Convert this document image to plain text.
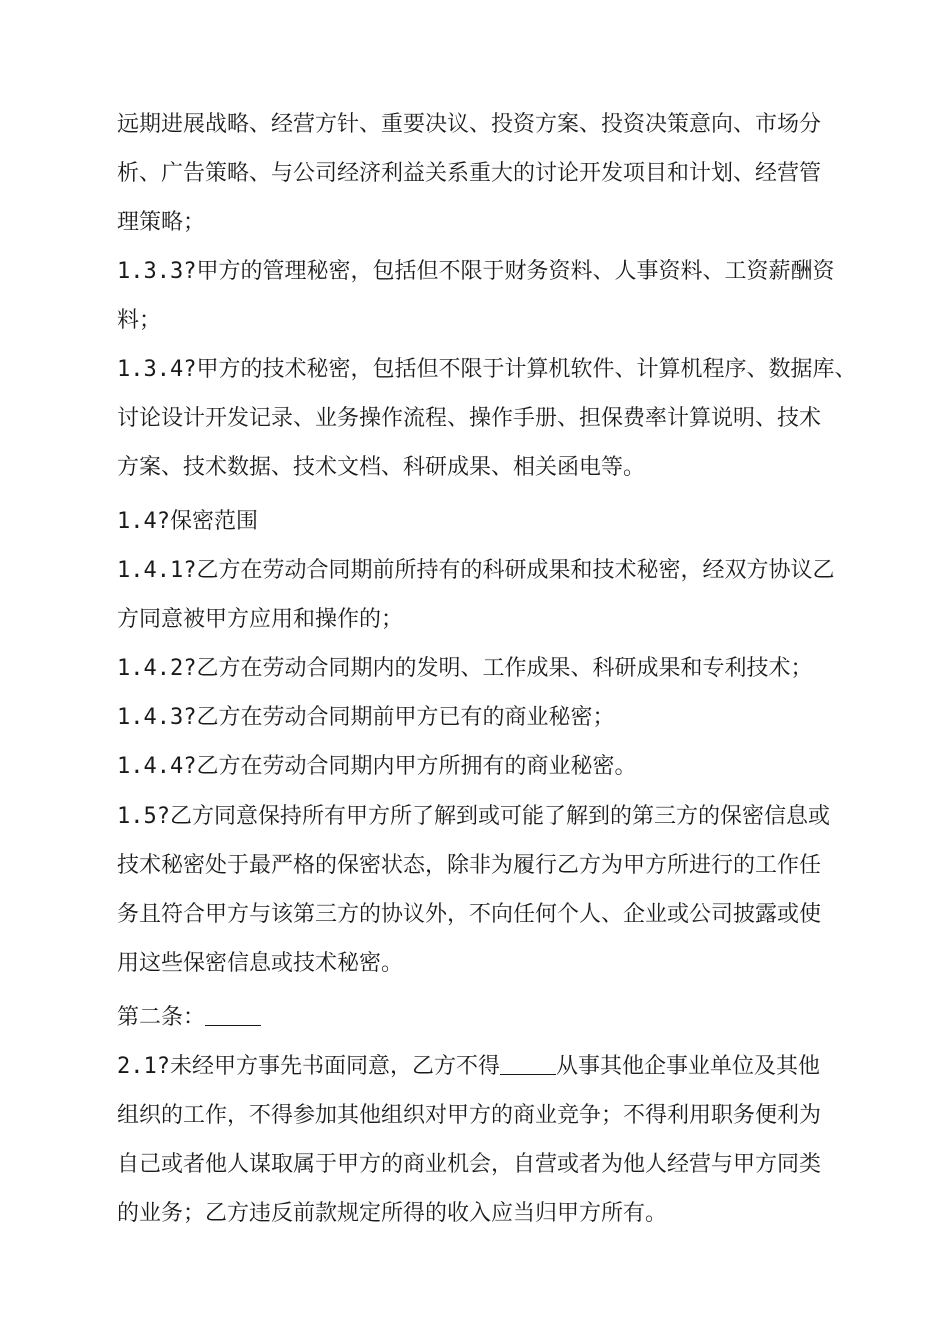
远期进展战略、经营方针、重要决议、投资方案、投资决策意向、市场分
析、广告策略、与公司经济利益关系重大的讨论开发项目和计划、经营管
理策略；
1.3.3?甲方的管理秘密，包括但不限于财务资料、人事资料、工资薪酬资
料；
1.3.4?甲方的技术秘密，包括但不限于计算机软件、计算机程序、数据库、
讨论设计开发记录、业务操作流程、操作手册、担保费率计算说明、技术
方案、技术数据、技术文档、科研成果、相关函电等。
1.4?保密范围
1.4.1?乙方在劳动合同期前所持有的科研成果和技术秘密，经双方协议乙
方同意被甲方应用和操作的；
1.4.2?乙方在劳动合同期内的发明、工作成果、科研成果和专利技术；
1.4.3?乙方在劳动合同期前甲方已有的商业秘密；
1.4.4?乙方在劳动合同期内甲方所拥有的商业秘密。
1.5?乙方同意保持所有甲方所了解到或可能了解到的第三方的保密信息或
技术秘密处于最严格的保密状态，除非为履行乙方为甲方所进行的工作任
务且符合甲方与该第三方的协议外，不向任何个人、企业或公司披露或使
用这些保密信息或技术秘密。
第二条：
2.1?未经甲方事先书面同意，乙方不得	从事其他企事业单位及其他
组织的工作，不得参加其他组织对甲方的商业竞争；不得利用职务便利为
自己或者他人谋取属于甲方的商业机会，自营或者为他人经营与甲方同类
的业务；乙方违反前款规定所得的收入应当归甲方所有。
